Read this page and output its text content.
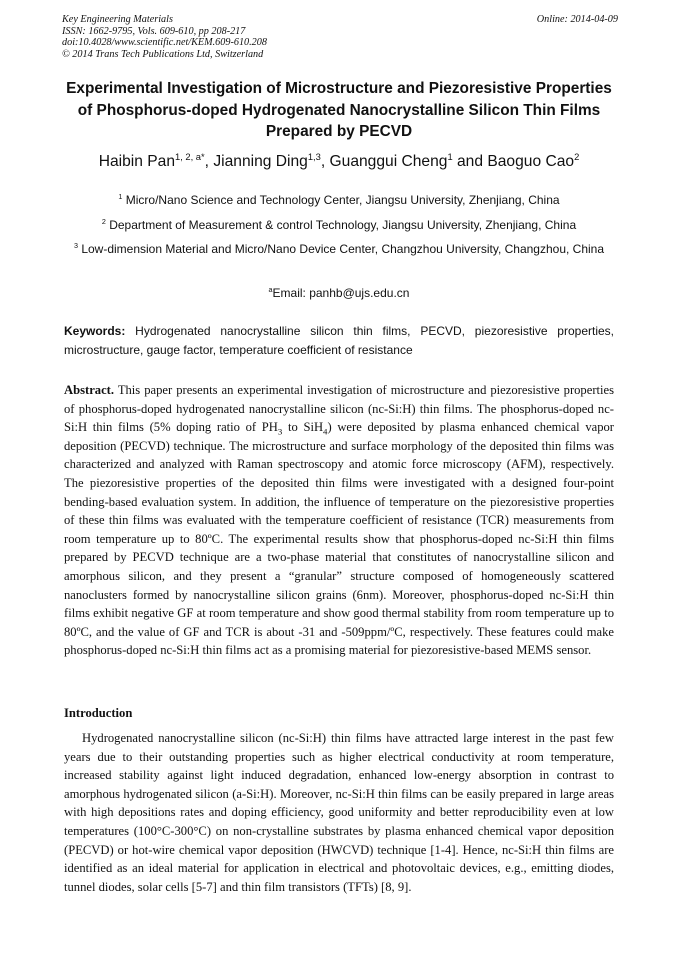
Key Engineering Materials
ISSN: 1662-9795, Vols. 609-610, pp 208-217
doi:10.4028/www.scientific.net/KEM.609-610.208
© 2014 Trans Tech Publications Ltd, Switzerland
Online: 2014-04-09
Experimental Investigation of Microstructure and Piezoresistive Properties of Phosphorus-doped Hydrogenated Nanocrystalline Silicon Thin Films Prepared by PECVD
Haibin Pan$^{1, 2, a*}$, Jianning Ding$^{1,3}$, Guanggui Cheng$^1$ and Baoguo Cao$^2$
$^1$ Micro/Nano Science and Technology Center, Jiangsu University, Zhenjiang, China
$^2$ Department of Measurement & control Technology, Jiangsu University, Zhenjiang, China
$^3$ Low-dimension Material and Micro/Nano Device Center, Changzhou University, Changzhou, China
$^a$Email: panhb@ujs.edu.cn
Keywords: Hydrogenated nanocrystalline silicon thin films, PECVD, piezoresistive properties, microstructure, gauge factor, temperature coefficient of resistance
Abstract. This paper presents an experimental investigation of microstructure and piezoresistive properties of phosphorus-doped hydrogenated nanocrystalline silicon (nc-Si:H) thin films. The phosphorus-doped nc-Si:H thin films (5% doping ratio of $PH_3$ to SiH$_4$) were deposited by plasma enhanced chemical vapor deposition (PECVD) technique. The microstructure and surface morphology of the deposited thin films was characterized and analyzed with Raman spectroscopy and atomic force microscopy (AFM), respectively. The piezoresistive properties of the deposited thin films were investigated with a designed four-point bending-based evaluation system. In addition, the influence of temperature on the piezoresistive properties of these thin films was evaluated with the temperature coefficient of resistance (TCR) measurements from room temperature up to 80ºC. The experimental results show that phosphorus-doped nc-Si:H thin films prepared by PECVD technique are a two-phase material that constitutes of nanocrystalline silicon and amorphous silicon, and they present a “granular” structure composed of homogeneously scattered nanoclusters formed by nanocrystalline silicon grains (6nm). Moreover, phosphorus-doped nc-Si:H thin films exhibit negative GF at room temperature and show good thermal stability from room temperature up to 80ºC, and the value of GF and TCR is about -31 and -509ppm/ºC, respectively. These features could make phosphorus-doped nc-Si:H thin films act as a promising material for piezoresistive-based MEMS sensor.
Introduction
Hydrogenated nanocrystalline silicon (nc-Si:H) thin films have attracted large interest in the past few years due to their outstanding properties such as higher electrical conductivity at room temperature, increased stability against light induced degradation, enhanced low-energy absorption in contrast to amorphous hydrogenated silicon (a-Si:H). Moreover, nc-Si:H thin films can be easily prepared in large areas with high depositions rates and doping efficiency, good uniformity and better reproducibility even at low temperatures (100°C-300°C) on non-crystalline substrates by plasma enhanced chemical vapor deposition (PECVD) or hot-wire chemical vapor deposition (HWCVD) technique [1-4]. Hence, nc-Si:H thin films are identified as an ideal material for application in electrical and photovoltaic devices, e.g., emitting diodes, tunnel diodes, solar cells [5-7] and thin film transistors (TFTs) [8, 9].
